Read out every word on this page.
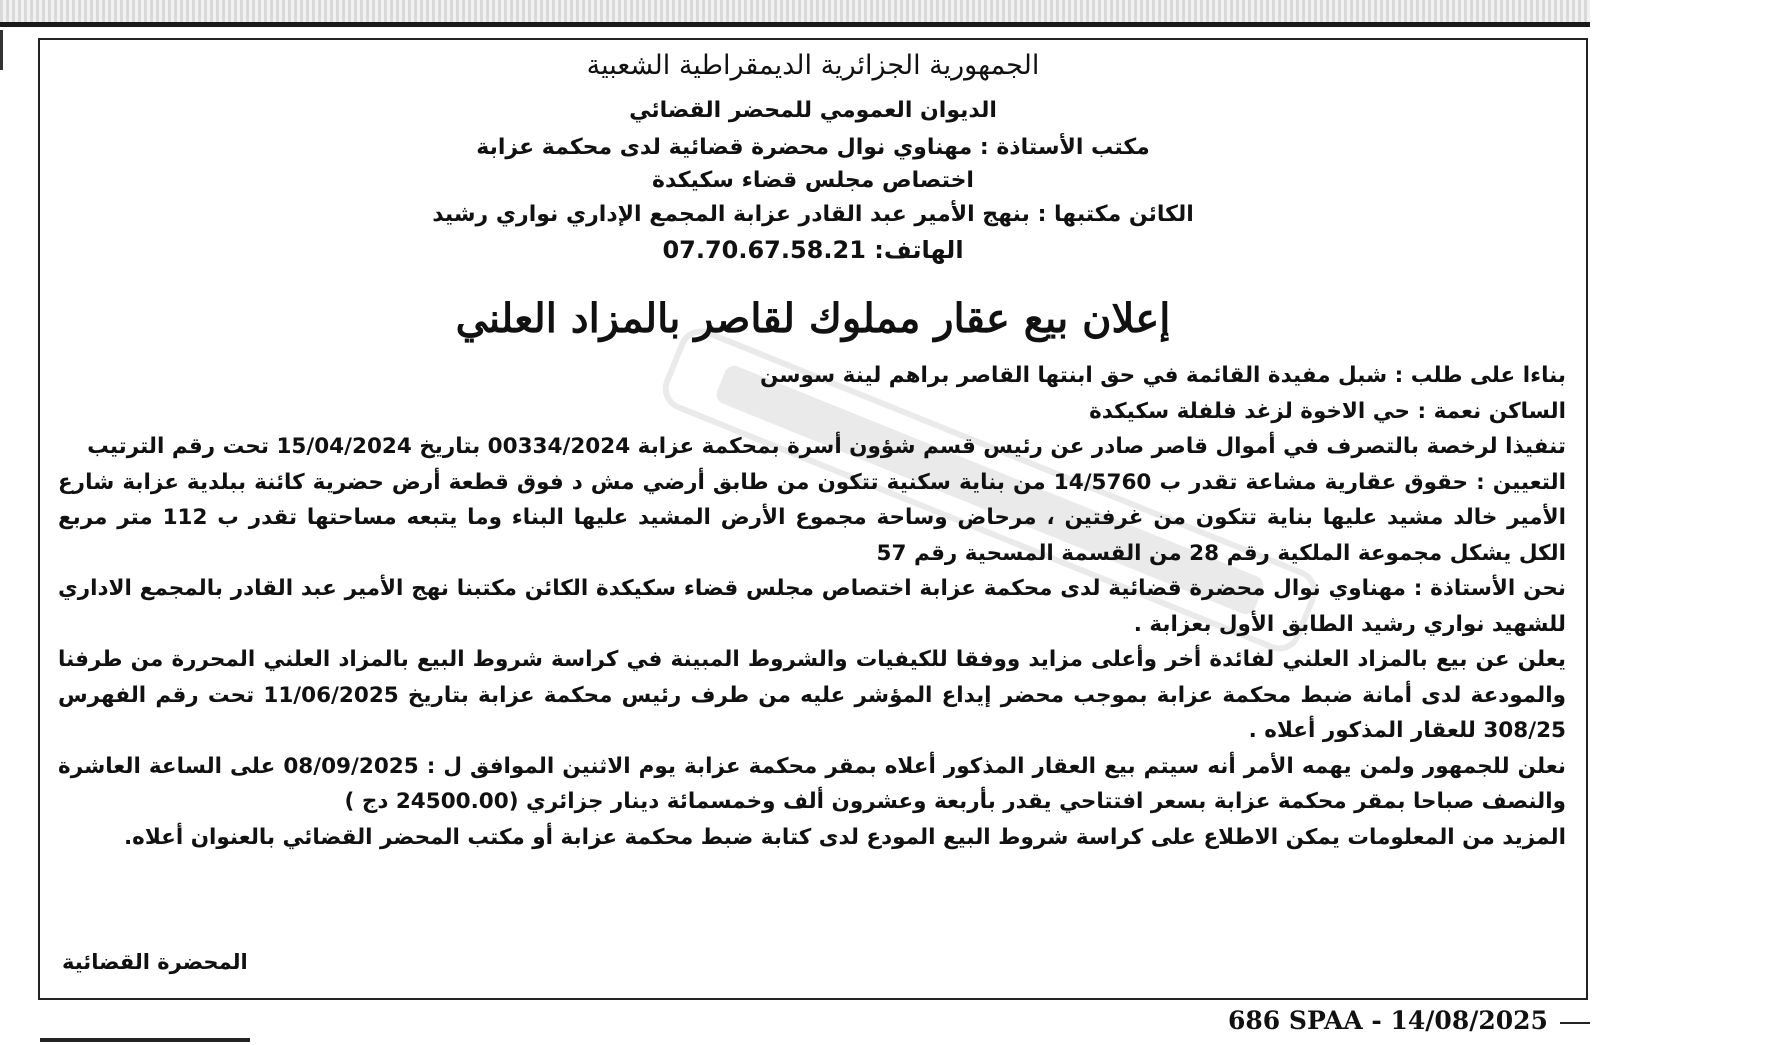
الجمهورية الجزائرية الديمقراطية الشعبية
الديوان العمومي للمحضر القضائي
مكتب الأستاذة : مهناوي نوال محضرة قضائية لدى محكمة عزابة
اختصاص مجلس قضاء سكيكدة
الكائن مكتبها : بنهج الأمير عبد القادر عزابة المجمع الإداري نواري رشيد
الهاتف: 07.70.67.58.21
إعلان بيع عقار مملوك لقاصر بالمزاد العلني

بناءا على طلب : شبل مفيدة القائمة في حق ابنتها القاصر براهم لينة سوسن

الساكن نعمة : حي الاخوة لزغد فلفلة سكيكدة

تنفيذا لرخصة بالتصرف في أموال قاصر صادر عن رئيس قسم شؤون أسرة بمحكمة عزابة 00334/2024 بتاريخ 15/04/2024 تحت رقم الترتيب

التعيين : حقوق عقارية مشاعة تقدر ب 14/5760 من بناية سكنية تتكون من طابق أرضي مش د فوق قطعة أرض حضرية كائنة ببلدية عزابة شارع الأمير خالد مشيد عليها بناية تتكون من غرفتين ، مرحاض وساحة مجموع الأرض المشيد عليها البناء وما يتبعه مساحتها تقدر ب 112 متر مربع الكل يشكل مجموعة الملكية رقم 28 من القسمة المسحية رقم 57

نحن الأستاذة : مهناوي نوال محضرة قضائية لدى محكمة عزابة اختصاص مجلس قضاء سكيكدة الكائن مكتبنا نهج الأمير عبد القادر بالمجمع الاداري للشهيد نواري رشيد الطابق الأول بعزابة .

يعلن عن بيع بالمزاد العلني لفائدة أخر وأعلى مزايد ووفقا للكيفيات والشروط المبينة في كراسة شروط البيع بالمزاد العلني المحررة من طرفنا والمودعة لدى أمانة ضبط محكمة عزابة بموجب محضر إيداع المؤشر عليه من طرف رئيس محكمة عزابة بتاريخ 11/06/2025 تحت رقم الفهرس 308/25 للعقار المذكور أعلاه .

نعلن للجمهور ولمن يهمه الأمر أنه سيتم بيع العقار المذكور أعلاه بمقر محكمة عزابة يوم الاثنين الموافق ل : 08/09/2025 على الساعة العاشرة والنصف صباحا بمقر محكمة عزابة بسعر افتتاحي يقدر بأربعة وعشرون ألف وخمسمائة دينار جزائري (24500.00 دج )

المزيد من المعلومات يمكن الاطلاع على كراسة شروط البيع المودع لدى كتابة ضبط محكمة عزابة أو مكتب المحضر القضائي بالعنوان أعلاه.

المحضرة القضائية
686 SPAA - 14/08/2025
